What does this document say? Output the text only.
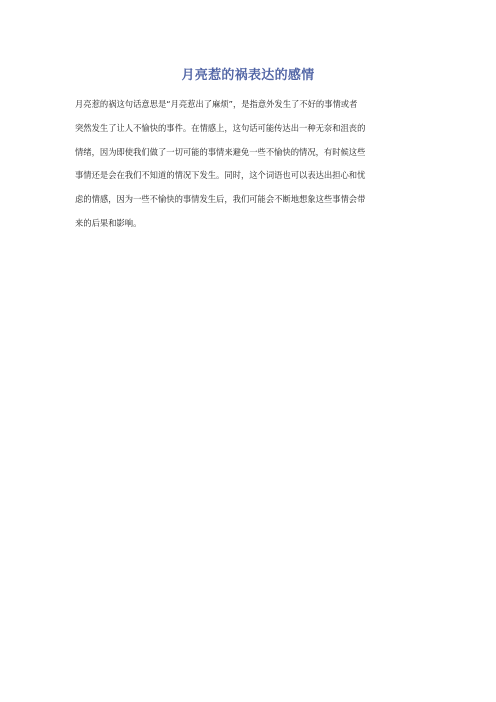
月亮惹的祸表达的感情
月亮惹的祸这句话意思是“月亮惹出了麻烦”，是指意外发生了不好的事情或者
突然发生了让人不愉快的事件。在情感上，这句话可能传达出一种无奈和沮丧的
情绪，因为即使我们做了一切可能的事情来避免一些不愉快的情况，有时候这些
事情还是会在我们不知道的情况下发生。同时，这个词语也可以表达出担心和忧
虑的情感，因为一些不愉快的事情发生后，我们可能会不断地想象这些事情会带
来的后果和影响。
